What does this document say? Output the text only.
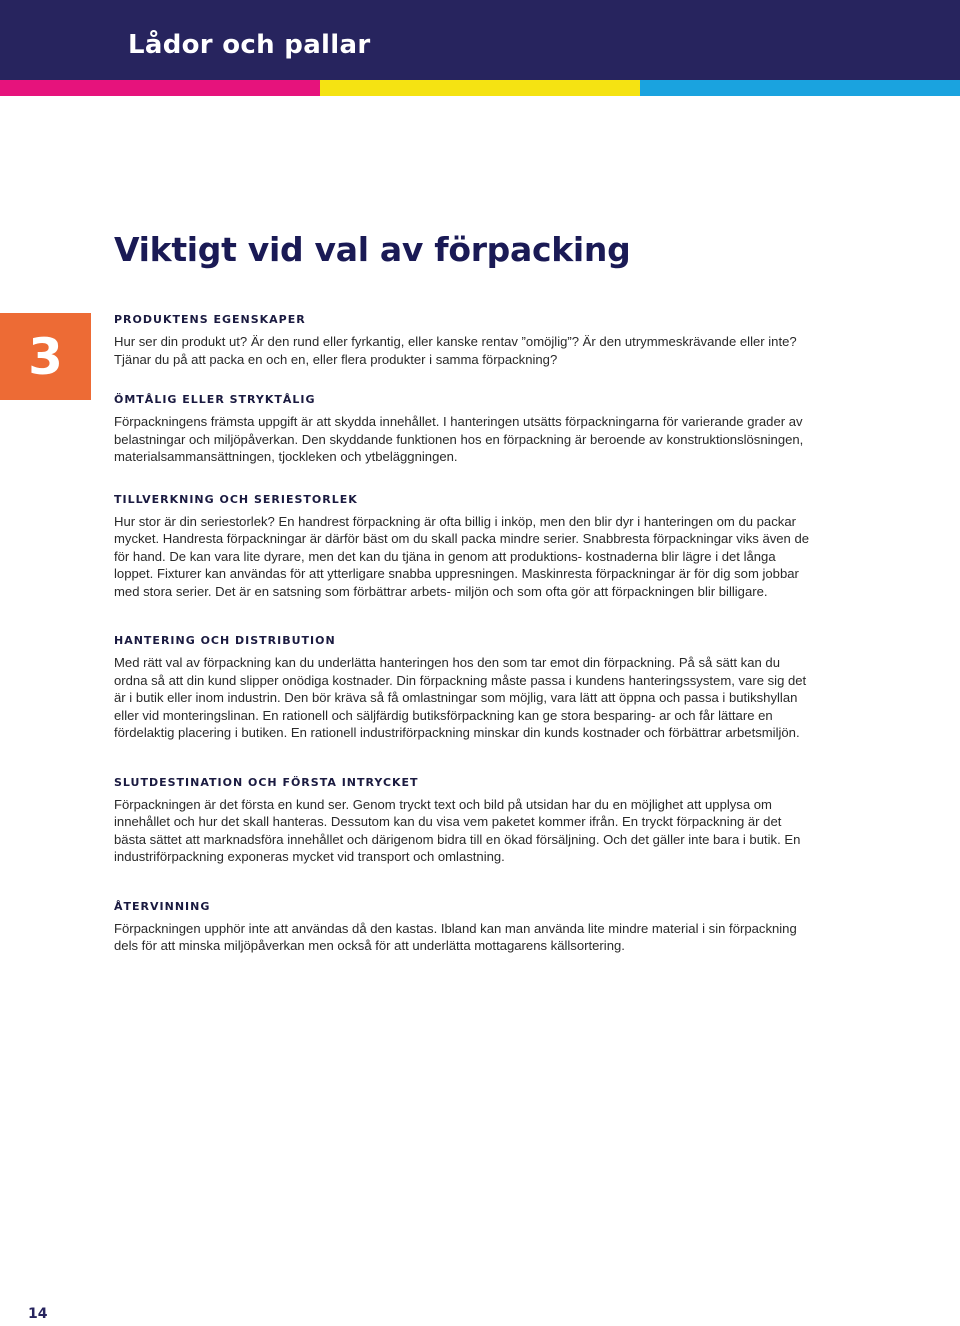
Lådor och pallar
Viktigt vid val av förpacking
3
PRODUKTENS EGENSKAPER

Hur ser din produkt ut? Är den rund eller fyrkantig, eller kanske rentav ”omöjlig”? Är den utrymmeskrävande eller inte? Tjänar du på att packa en och en, eller flera produkter i samma förpackning?

ÖMTÅLIG ELLER STRYKTÅLIG

Förpackningens främsta uppgift är att skydda innehållet. I hanteringen utsätts förpackningarna för varierande grader av belastningar och miljöpåverkan. Den skyddande funktionen hos en förpackning är beroende av konstruktionslösningen, materialsammansättningen, tjockleken och ytbeläggningen.

TILLVERKNING OCH SERIESTORLEK

Hur stor är din seriestorlek? En handrest förpackning är ofta billig i inköp, men den blir dyr i hanteringen om du packar mycket. Handresta förpackningar är därför bäst om du skall packa mindre serier. Snabbresta förpackningar viks även de för hand. De kan vara lite dyrare, men det kan du tjäna in genom att produktions- kostnaderna blir lägre i det långa loppet. Fixturer kan användas för att ytterligare snabba uppresningen. Maskinresta förpackningar är för dig som jobbar med stora serier. Det är en satsning som förbättrar arbets- miljön och som ofta gör att förpackningen blir billigare.

HANTERING OCH DISTRIBUTION

Med rätt val av förpackning kan du underlätta hanteringen hos den som tar emot din förpackning. På så sätt kan du ordna så att din kund slipper onödiga kostnader. Din förpackning måste passa i kundens hanteringssystem, vare sig det är i butik eller inom industrin. Den bör kräva så få omlastningar som möjlig, vara lätt att öppna och passa i butikshyllan eller vid monteringslinan. En rationell och säljfärdig butiksförpackning kan ge stora besparing- ar och får lättare en fördelaktig placering i butiken. En rationell industriförpackning minskar din kunds kostnader och förbättrar arbetsmiljön.

SLUTDESTINATION OCH FÖRSTA INTRYCKET

Förpackningen är det första en kund ser. Genom tryckt text och bild på utsidan har du en möjlighet att upplysa om innehållet och hur det skall hanteras. Dessutom kan du visa vem paketet kommer ifrån. En tryckt förpackning är det bästa sättet att marknadsföra innehållet och därigenom bidra till en ökad försäljning. Och det gäller inte bara i butik. En industriförpackning exponeras mycket vid transport och omlastning.

ÅTERVINNING

Förpackningen upphör inte att användas då den kastas. Ibland kan man använda lite mindre material i sin förpackning dels för att minska miljöpåverkan men också för att underlätta mottagarens källsortering.

14
